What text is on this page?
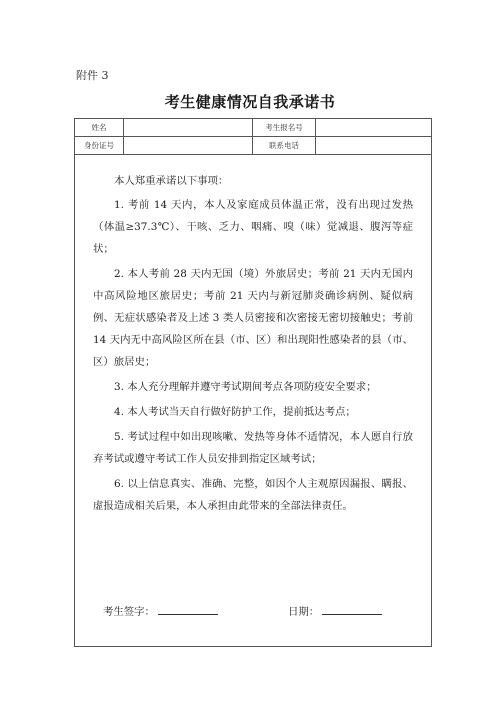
附件 3
考生健康情况自我承诺书
姓名	考生报名号
身份证号	联系电话
本人郑重承诺以下事项：

1. 考前 14 天内，本人及家庭成员体温正常，没有出现过发热（体温≥37.3℃）、干咳、乏力、咽痛、嗅（味）觉减退、腹泻等症状；

2. 本人考前 28 天内无国（境）外旅居史；考前 21 天内无国内中高风险地区旅居史；考前 21 天内与新冠肺炎确诊病例、疑似病例、无症状感染者及上述 3 类人员密接和次密接无密切接触史；考前 14 天内无中高风险区所在县（市、区）和出现阳性感染者的县（市、区）旅居史；

3. 本人充分理解并遵守考试期间考点各项防疫安全要求；

4. 本人考试当天自行做好防护工作，提前抵达考点；

5. 考试过程中如出现咳嗽、发热等身体不适情况，本人愿自行放弃考试或遵守考试工作人员安排到指定区域考试；

6. 以上信息真实、准确、完整，如因个人主观原因漏报、瞒报、虚报造成相关后果，本人承担由此带来的全部法律责任。

考生签字：	日期：
